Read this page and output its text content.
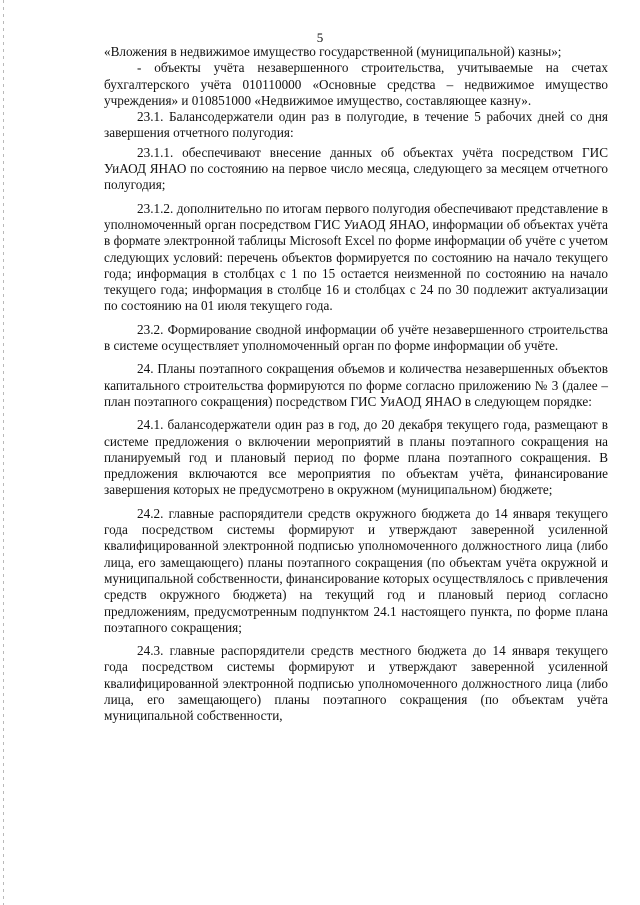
5

«Вложения в недвижимое имущество государственной (муниципальной) казны»;

- объекты учёта незавершенного строительства, учитываемые на счетах бухгалтерского учёта 010110000 «Основные средства – недвижимое имущество учреждения» и 010851000 «Недвижимое имущество, составляющее казну».

23.1. Балансодержатели один раз в полугодие, в течение 5 рабочих дней со дня завершения отчетного полугодия:

23.1.1. обеспечивают внесение данных об объектах учёта посредством ГИС УиАОД ЯНАО по состоянию на первое число месяца, следующего за месяцем отчетного полугодия;

23.1.2. дополнительно по итогам первого полугодия обеспечивают представление в уполномоченный орган посредством ГИС УиАОД ЯНАО, информации об объектах учёта в формате электронной таблицы Microsoft Excel по форме информации об учёте с учетом следующих условий: перечень объектов формируется по состоянию на начало текущего года; информация в столбцах с 1 по 15 остается неизменной по состоянию на начало текущего года; информация в столбце 16 и столбцах с 24 по 30 подлежит актуализации по состоянию на 01 июля текущего года.

23.2. Формирование сводной информации об учёте незавершенного строительства в системе осуществляет уполномоченный орган по форме информации об учёте.

24. Планы поэтапного сокращения объемов и количества незавершенных объектов капитального строительства формируются по форме согласно приложению № 3 (далее – план поэтапного сокращения) посредством ГИС УиАОД ЯНАО в следующем порядке:

24.1. балансодержатели один раз в год, до 20 декабря текущего года, размещают в системе предложения о включении мероприятий в планы поэтапного сокращения на планируемый год и плановый период по форме плана поэтапного сокращения. В предложения включаются все мероприятия по объектам учёта, финансирование завершения которых не предусмотрено в окружном (муниципальном) бюджете;

24.2. главные распорядители средств окружного бюджета до 14 января текущего года посредством системы формируют и утверждают заверенной усиленной квалифицированной электронной подписью уполномоченного должностного лица (либо лица, его замещающего) планы поэтапного сокращения (по объектам учёта окружной и муниципальной собственности, финансирование которых осуществлялось с привлечения средств окружного бюджета) на текущий год и плановый период согласно предложениям, предусмотренным подпунктом 24.1 настоящего пункта, по форме плана поэтапного сокращения;

24.3. главные распорядители средств местного бюджета до 14 января текущего года посредством системы формируют и утверждают заверенной усиленной квалифицированной электронной подписью уполномоченного должностного лица (либо лица, его замещающего) планы поэтапного сокращения (по объектам учёта муниципальной собственности,
